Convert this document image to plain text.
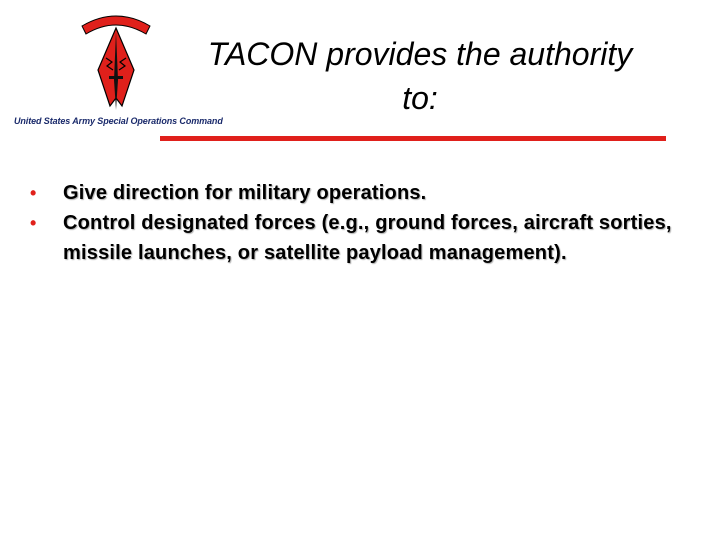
United States Army Special Operations Command
TACON provides the authority
to:
• Give direction for military operations.
• Control designated forces (e.g., ground forces, aircraft sorties, missile launches, or satellite payload management).
